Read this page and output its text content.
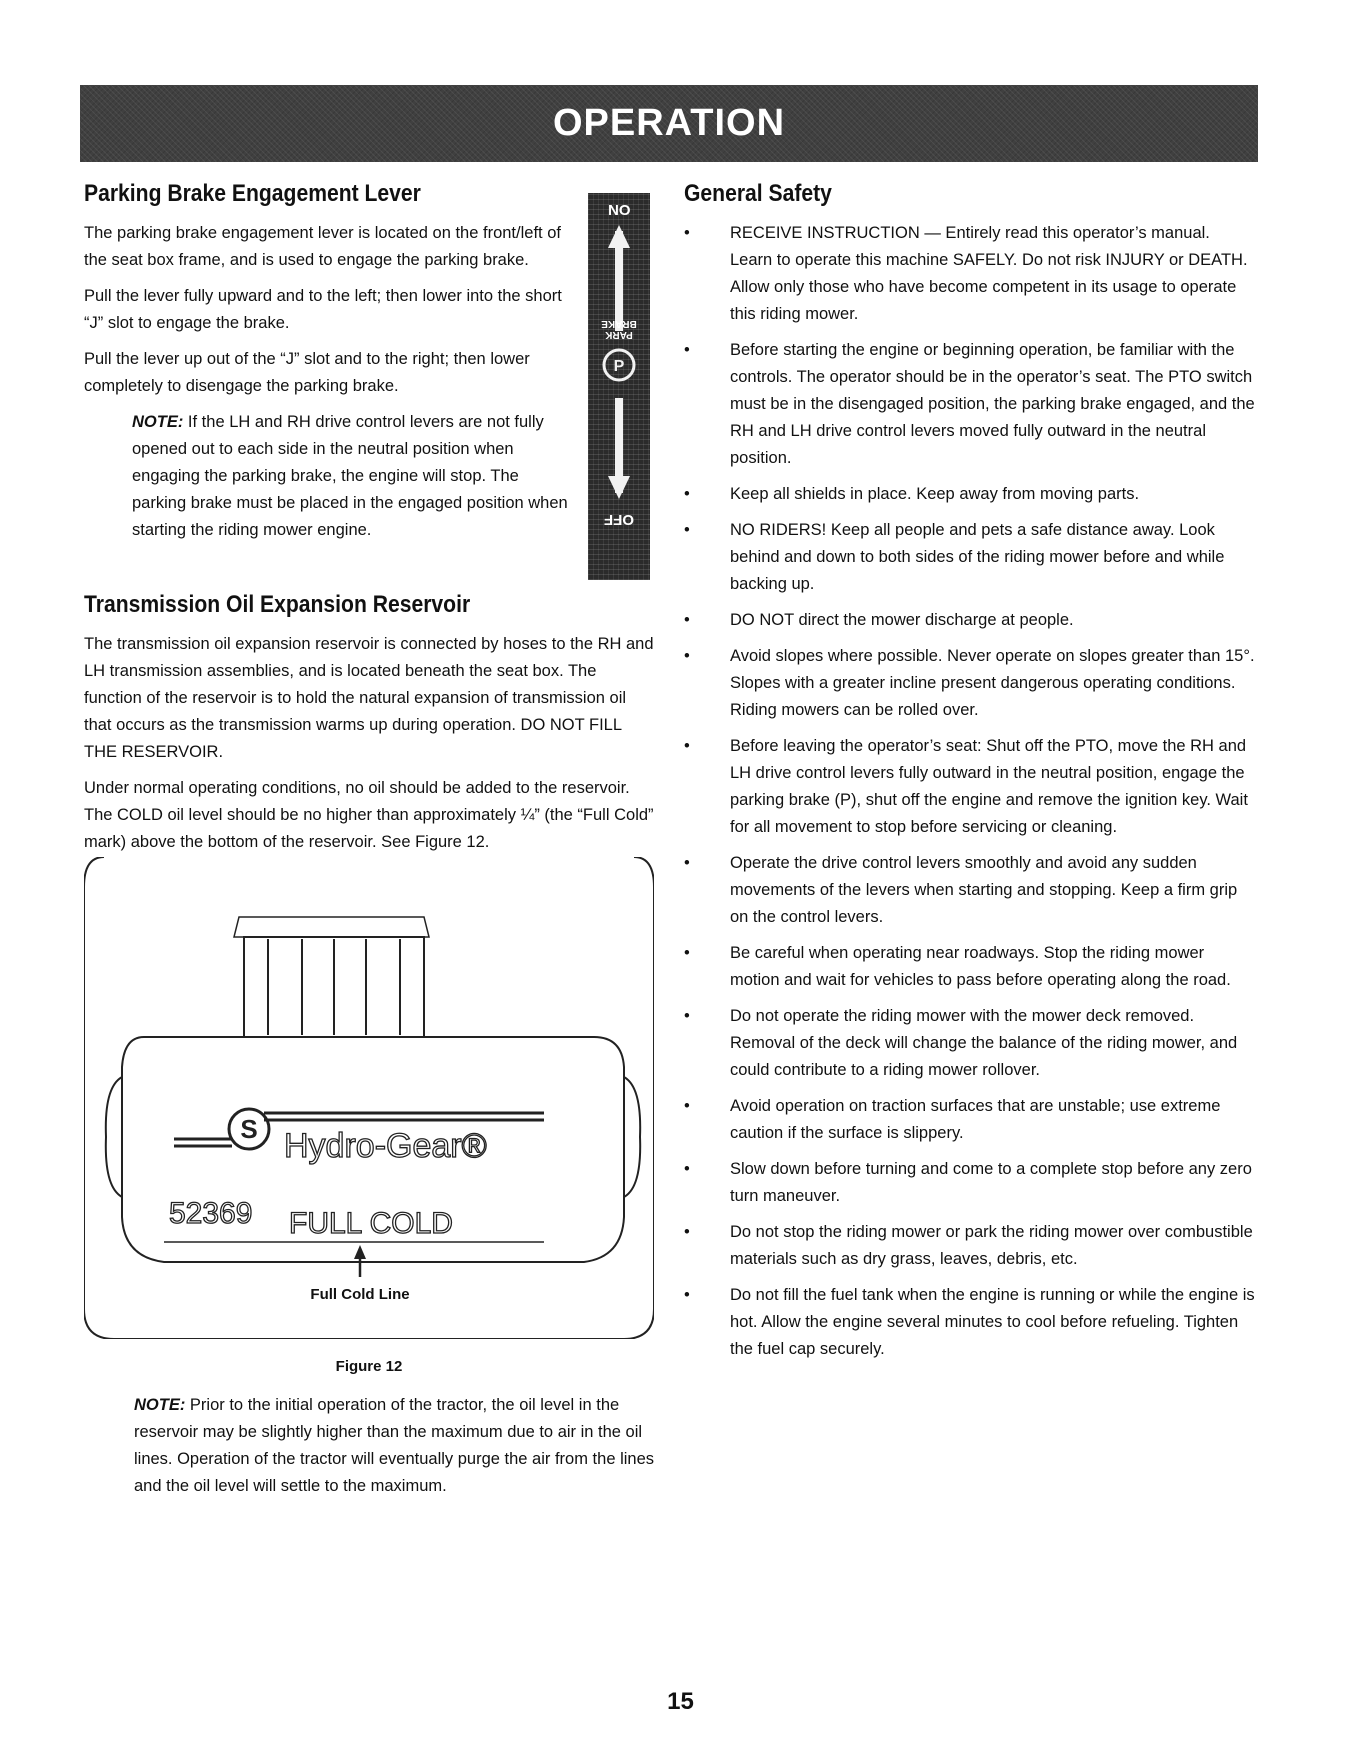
OPERATION
Parking Brake Engagement Lever

The parking brake engagement lever is located on the front/left of the seat box frame, and is used to engage the parking brake.

Pull the lever fully upward and to the left; then lower into the short “J” slot to engage the brake.

Pull the lever up out of the “J” slot and to the right; then lower completely to disengage the parking brake.

NOTE: If the LH and RH drive control levers are not fully opened out to each side in the neutral position when engaging the parking brake, the engine will stop. The parking brake must be placed in the engaged position when starting the riding mower engine.

Transmission Oil Expansion Reservoir

The transmission oil expansion reservoir is connected by hoses to the RH and LH transmission assemblies, and is located beneath the seat box. The function of the reservoir is to hold the natural expansion of transmission oil that occurs as the transmission warms up during operation. DO NOT FILL THE RESERVOIR.

Under normal operating conditions, no oil should be added to the reservoir. The COLD oil level should be no higher than approximately ¼” (the “Full Cold” mark) above the bottom of the reservoir. See Figure 12.

ON
P
PARK BRAKE
OFF
S Hydro-Gear®
52369 FULL COLD
Full Cold Line
Figure 12

NOTE: Prior to the initial operation of the tractor, the oil level in the reservoir may be slightly higher than the maximum due to air in the oil lines. Operation of the tractor will eventually purge the air from the lines and the oil level will settle to the maximum.

General Safety
• RECEIVE INSTRUCTION — Entirely read this operator’s manual. Learn to operate this machine SAFELY. Do not risk INJURY or DEATH. Allow only those who have become competent in its usage to operate this riding mower.
• Before starting the engine or beginning operation, be familiar with the controls. The operator should be in the operator’s seat. The PTO switch must be in the disengaged position, the parking brake engaged, and the RH and LH drive control levers moved fully outward in the neutral position.
• Keep all shields in place. Keep away from moving parts.
• NO RIDERS! Keep all people and pets a safe distance away. Look behind and down to both sides of the riding mower before and while backing up.
• DO NOT direct the mower discharge at people.
• Avoid slopes where possible. Never operate on slopes greater than 15°. Slopes with a greater incline present dangerous operating conditions. Riding mowers can be rolled over.
• Before leaving the operator’s seat: Shut off the PTO, move the RH and LH drive control levers fully outward in the neutral position, engage the parking brake (P), shut off the engine and remove the ignition key. Wait for all movement to stop before servicing or cleaning.
• Operate the drive control levers smoothly and avoid any sudden movements of the levers when starting and stopping. Keep a firm grip on the control levers.
• Be careful when operating near roadways. Stop the riding mower motion and wait for vehicles to pass before operating along the road.
• Do not operate the riding mower with the mower deck removed. Removal of the deck will change the balance of the riding mower, and could contribute to a riding mower rollover.
• Avoid operation on traction surfaces that are unstable; use extreme caution if the surface is slippery.
• Slow down before turning and come to a complete stop before any zero turn maneuver.
• Do not stop the riding mower or park the riding mower over combustible materials such as dry grass, leaves, debris, etc.
• Do not fill the fuel tank when the engine is running or while the engine is hot. Allow the engine several minutes to cool before refueling. Tighten the fuel cap securely.
15
